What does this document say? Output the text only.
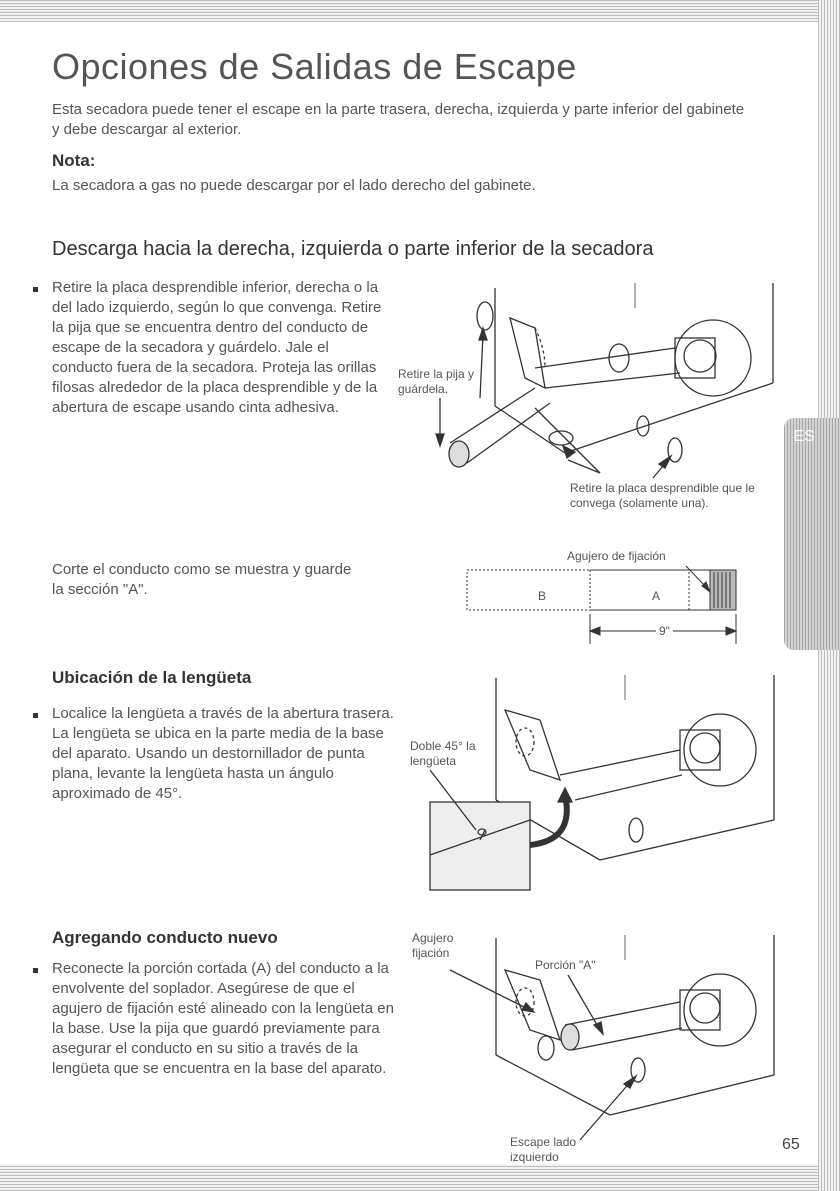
ES
Opciones de Salidas de Escape
Esta secadora puede tener el escape en la parte trasera, derecha, izquierda y parte inferior del gabinete y debe descargar al exterior.
Nota:
La secadora a gas no puede descargar por el lado derecho del gabinete.
Descarga hacia la derecha, izquierda o parte inferior de la secadora
Retire la placa desprendible inferior, derecha o la del lado izquierdo, según lo que convenga. Retire la pija que se encuentra dentro del conducto de escape de la secadora y guárdelo. Jale el conducto fuera de la secadora. Proteja las orillas filosas alrededor de la placa desprendible y de la abertura de escape usando cinta adhesiva.
Retire la pija y guárdela.
Retire la placa desprendible que le convega (solamente una).
Corte el conducto como se muestra y guarde la sección "A".
Agujero de fijación
B	A
9"
Ubicación de la lengüeta
Localice la lengüeta a través de la abertura trasera. La lengüeta se ubica en la parte media de la base del aparato. Usando un destornillador de punta plana, levante la lengüeta hasta un ángulo aproximado de 45°.
Doble 45° la lengüeta
Agregando conducto nuevo
Reconecte la porción cortada (A) del conducto a la envolvente del soplador. Asegúrese de que el agujero de fijación esté alineado con la lengüeta en la base. Use la pija que guardó previamente para asegurar el conducto en su sitio a través de la lengüeta que se encuentra en la base del aparato.
Agujero fijación
Porción "A"
Escape lado izquierdo
65
